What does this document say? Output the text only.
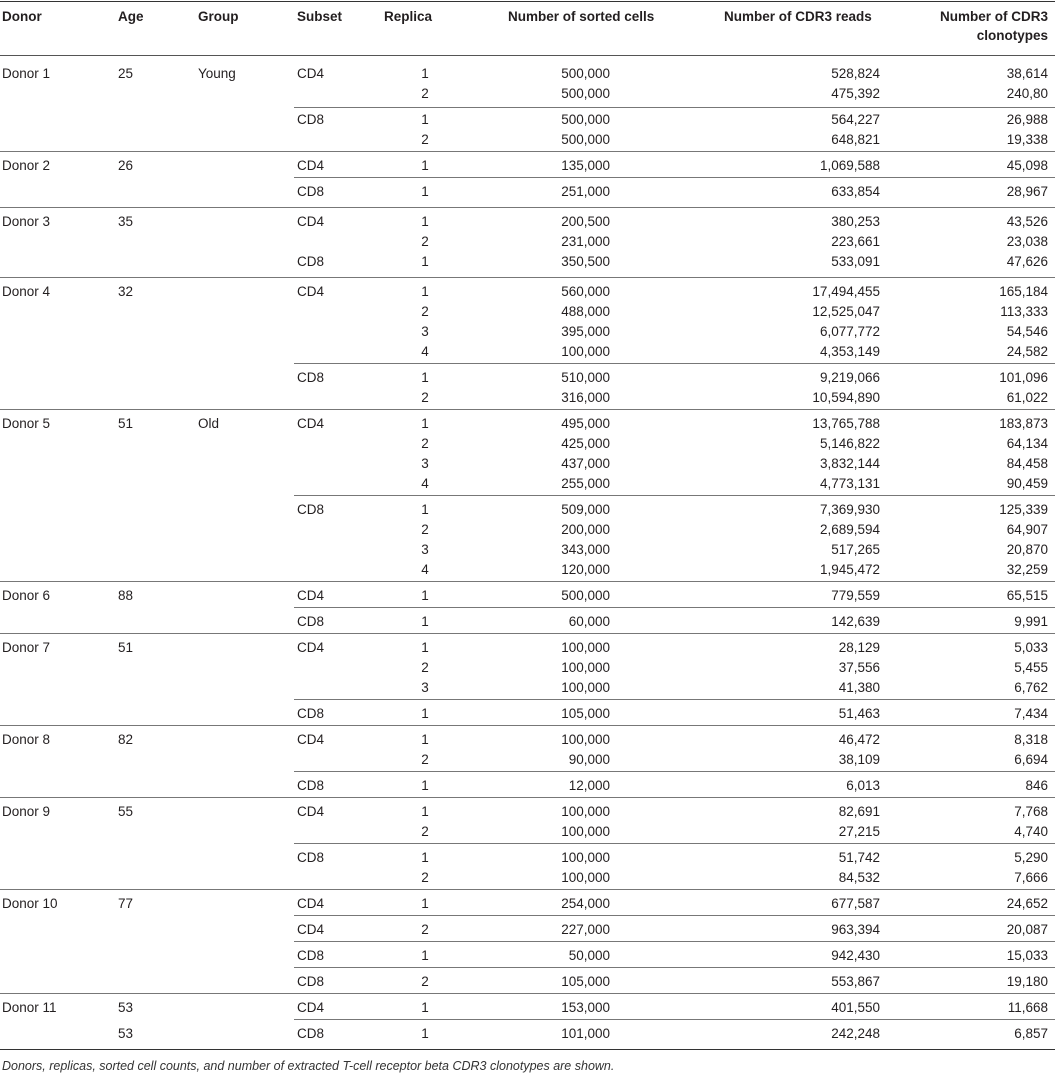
Donor	Age	Group	Subset	Replica	Number of sorted cells	Number of CDR3 reads	Number of CDR3
clonotypes
Donor 1	25	Young	CD4	1	500,000	528,824	38,614
2	500,000	475,392	240,80
CD8	1	500,000	564,227	26,988
2	500,000	648,821	19,338
Donor 2	26	CD4	1	135,000	1,069,588	45,098
CD8	1	251,000	633,854	28,967
Donor 3	35	CD4	1	200,500	380,253	43,526
2	231,000	223,661	23,038
CD8	1	350,500	533,091	47,626
Donor 4	32	CD4	1	560,000	17,494,455	165,184
2	488,000	12,525,047	113,333
3	395,000	6,077,772	54,546
4	100,000	4,353,149	24,582
CD8	1	510,000	9,219,066	101,096
2	316,000	10,594,890	61,022
Donor 5	51	Old	CD4	1	495,000	13,765,788	183,873
2	425,000	5,146,822	64,134
3	437,000	3,832,144	84,458
4	255,000	4,773,131	90,459
CD8	1	509,000	7,369,930	125,339
2	200,000	2,689,594	64,907
3	343,000	517,265	20,870
4	120,000	1,945,472	32,259
Donor 6	88	CD4	1	500,000	779,559	65,515
CD8	1	60,000	142,639	9,991
Donor 7	51	CD4	1	100,000	28,129	5,033
2	100,000	37,556	5,455
3	100,000	41,380	6,762
CD8	1	105,000	51,463	7,434
Donor 8	82	CD4	1	100,000	46,472	8,318
2	90,000	38,109	6,694
CD8	1	12,000	6,013	846
Donor 9	55	CD4	1	100,000	82,691	7,768
2	100,000	27,215	4,740
CD8	1	100,000	51,742	5,290
2	100,000	84,532	7,666
Donor 10	77	CD4	1	254,000	677,587	24,652
CD4	2	227,000	963,394	20,087
CD8	1	50,000	942,430	15,033
CD8	2	105,000	553,867	19,180
Donor 11	53	CD4	1	153,000	401,550	11,668
53	CD8	1	101,000	242,248	6,857
Donors, replicas, sorted cell counts, and number of extracted T-cell receptor beta CDR3 clonotypes are shown.
